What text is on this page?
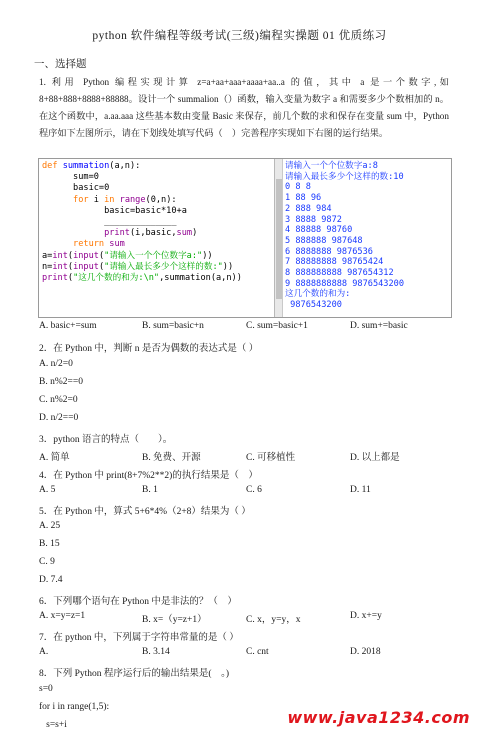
python 软件编程等级考试(三级)编程实操题 01 优质练习
一、选择题
1. 利用 Python 编程实现计算 z=a+aa+aaa+aaaa+aa..a 的值，其中 a 是一个数字,如 8+88+888+8888+88888。设计一个 summalion（）函数，输入变量为数字 a 和需要多少个数相加的 n。在这个函数中，a.aa.aaa 这些基本数由变量 Basic 来保存，前几个数的求和保存在变量 sum 中，Python 程序如下左图所示，请在下划线处填写代码（　）完善程序实现如下右图的运行结果。
def summation(a,n):
sum=0
basic=0
for i in range(0,n):
basic=basic*10+a
______________
print(i,basic,sum)
return sum
a=int(input("请输入一个个位数字a:"))
n=int(input("请输入最长多少个这样的数:"))
print("这几个数的和为:\n",summation(a,n))
请输入一个个位数字a:8
请输入最长多少个这样的数:10
0 8 8
1 88 96
2 888 984
3 8888 9872
4 88888 98760
5 888888 987648
6 8888888 9876536
7 88888888 98765424
8 888888888 987654312
9 8888888888 9876543200
这几个数的和为:
9876543200
A. basic+=sum	B. sum=basic+n	C. sum=basic+1	D. sum+=basic
2．在 Python 中，判断 n 是否为偶数的表达式是（ ）
A. n/2=0
B. n%2==0
C. n%2=0
D. n/2==0
3．python 语言的特点（　　）。
A. 简单	B. 免费、开源	C. 可移植性	D. 以上都是
4．在 Python 中 print(8+7%2**2)的执行结果是（　）
A. 5	B. 1	C. 6	D. 11
5．在 Python 中，算式 5+6*4%（2+8）结果为（ ）
A. 25
B. 15
C. 9
D. 7.4
6．下列哪个语句在 Python 中是非法的？（　）
A. x=y=z=1	B. x=（y=z+1）	C. x，y=y，x	D. x+=y
7．在 python 中，下列属于字符串常量的是（ ）
A.	B. 3.14	C. cnt	D. 2018
8．下列 Python 程序运行后的输出结果是(　。)
s=0
for i in range(1,5):
s=s+i	www.java1234.com
